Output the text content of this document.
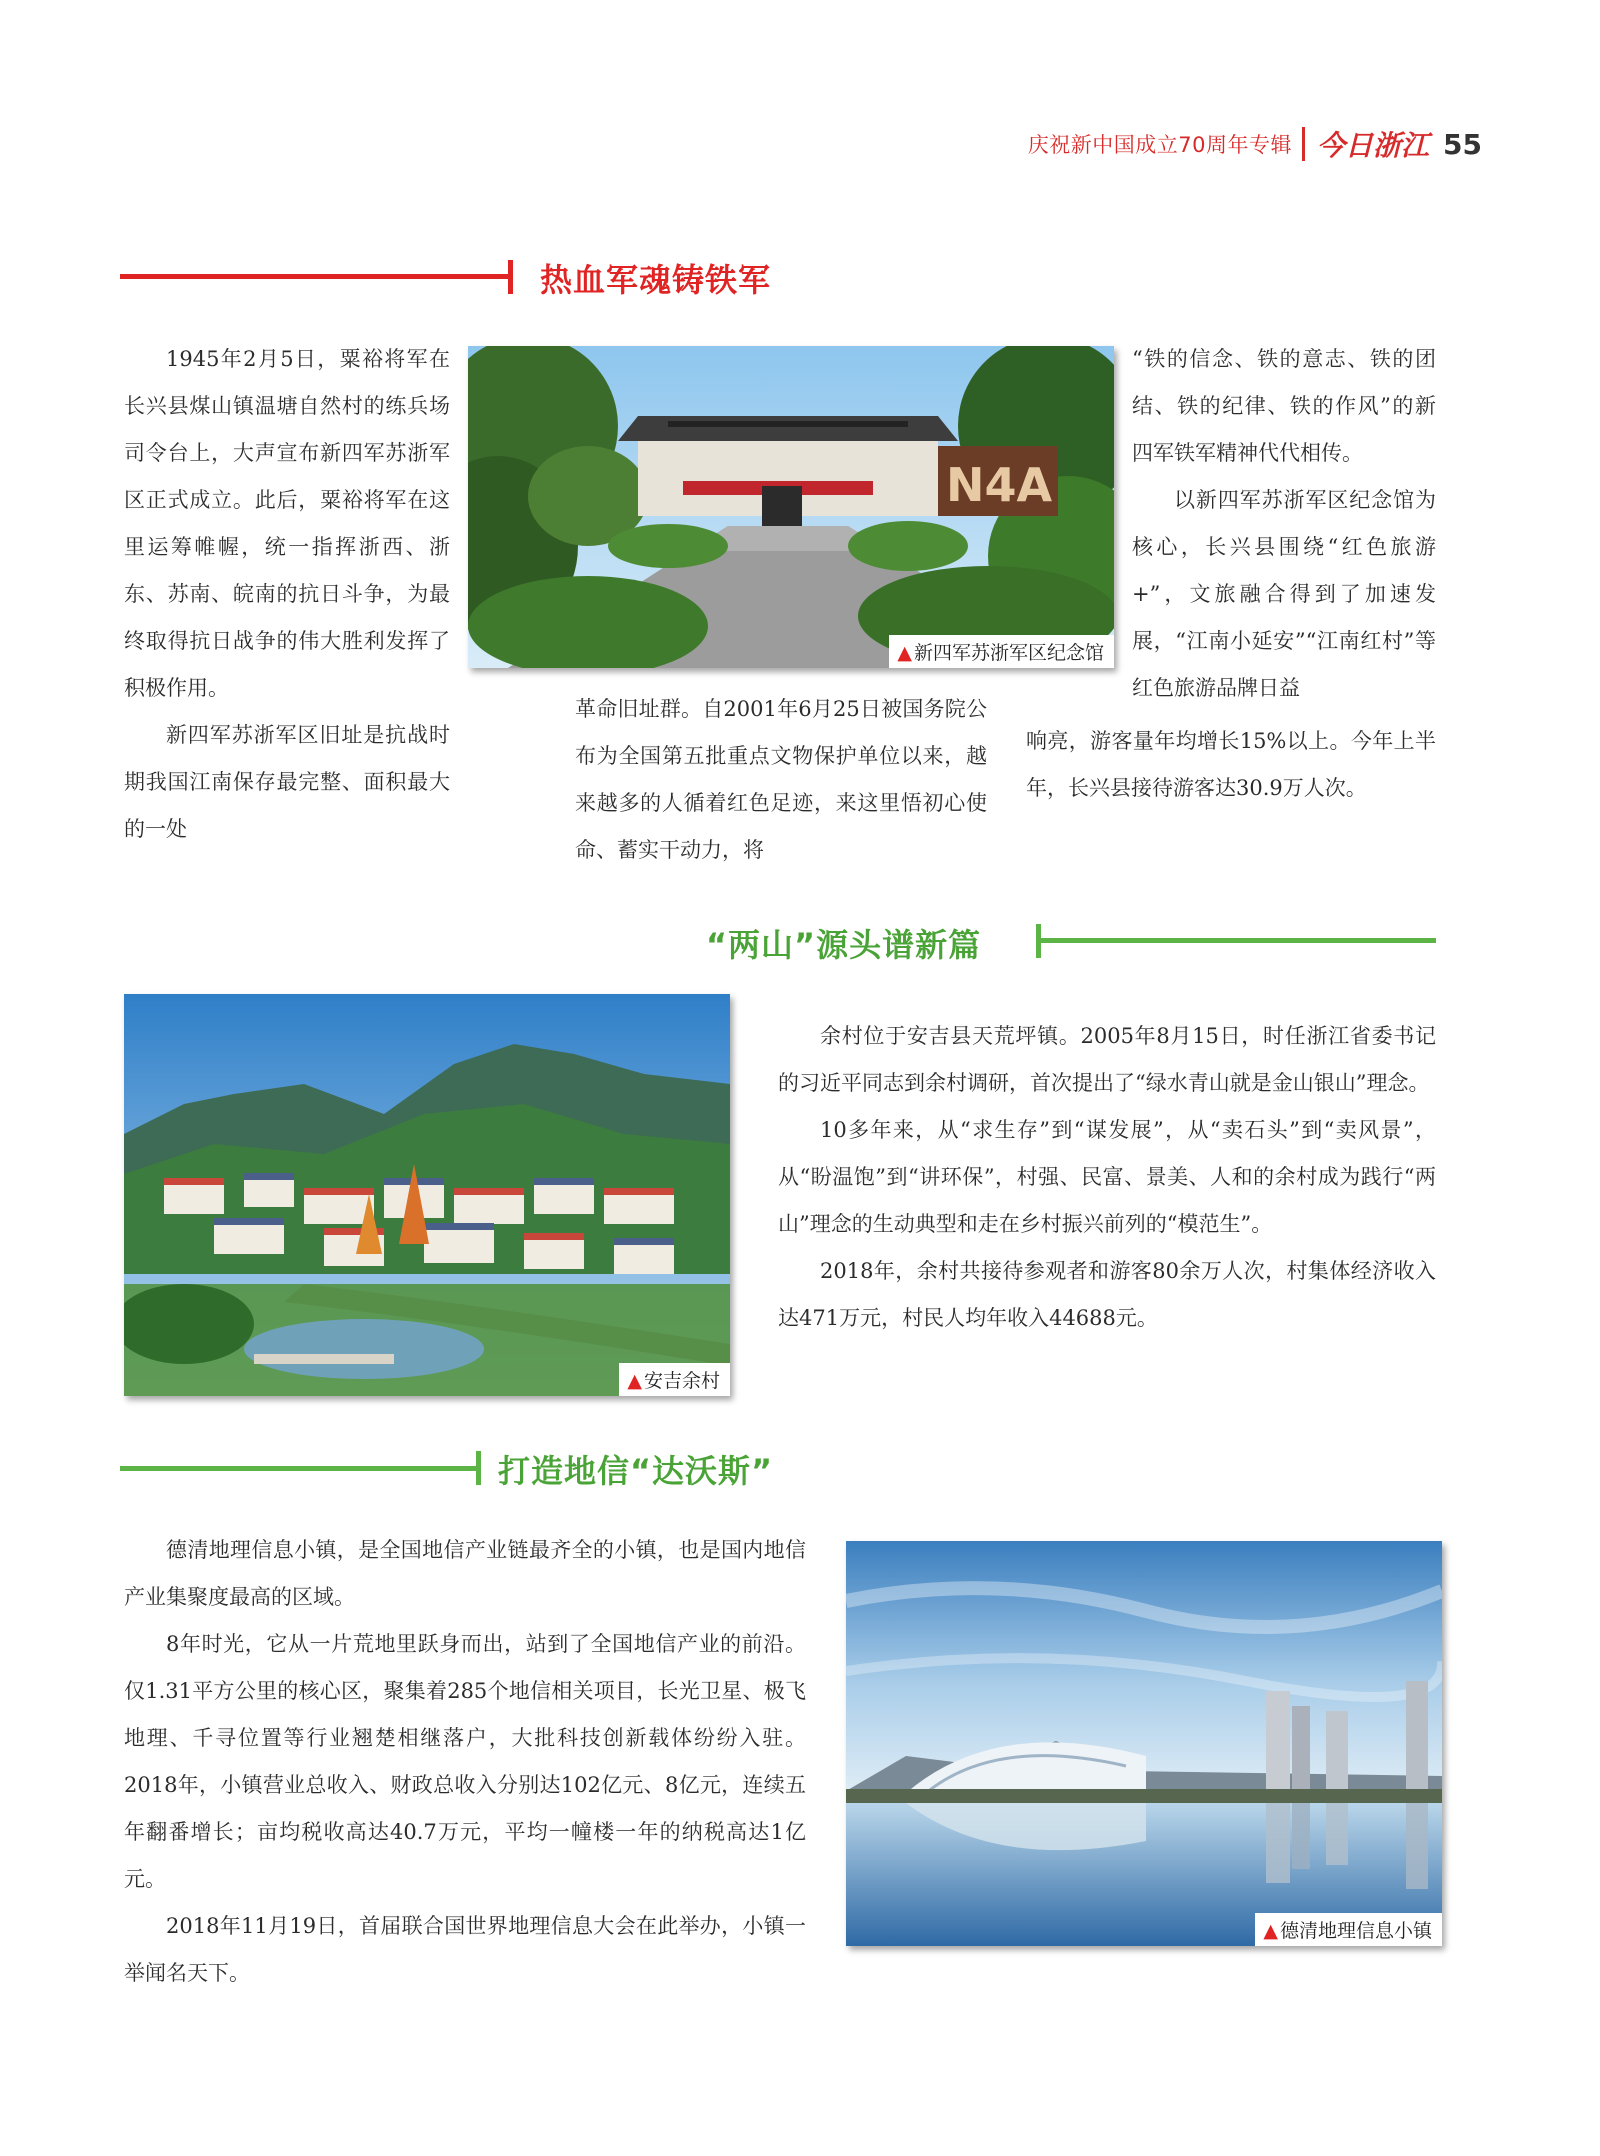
庆祝新中国成立70周年专辑 今日浙江 55
热血军魂铸铁军

1945年2月5日，粟裕将军在长兴县煤山镇温塘自然村的练兵场司令台上，大声宣布新四军苏浙军区正式成立。此后，粟裕将军在这里运筹帷幄，统一指挥浙西、浙东、苏南、皖南的抗日斗争，为最终取得抗日战争的伟大胜利发挥了积极作用。

新四军苏浙军区旧址是抗战时期我国江南保存最完整、面积最大的一处

N4A
▲ 新四军苏浙军区纪念馆

革命旧址群。自2001年6月25日被国务院公布为全国第五批重点文物保护单位以来，越来越多的人循着红色足迹，来这里悟初心使命、蓄实干动力，将

“铁的信念、铁的意志、铁的团结、铁的纪律、铁的作风”的新四军铁军精神代代相传。

以新四军苏浙军区纪念馆为核心，长兴县围绕“红色旅游+”，文旅融合得到了加速发展，“江南小延安”“江南红村”等红色旅游品牌日益

响亮，游客量年均增长15%以上。今年上半年，长兴县接待游客达30.9万人次。

“两山”源头谱新篇
▲ 安吉余村

余村位于安吉县天荒坪镇。2005年8月15日，时任浙江省委书记的习近平同志到余村调研，首次提出了“绿水青山就是金山银山”理念。

10多年来，从“求生存”到“谋发展”，从“卖石头”到“卖风景”，从“盼温饱”到“讲环保”，村强、民富、景美、人和的余村成为践行“两山”理念的生动典型和走在乡村振兴前列的“模范生”。

2018年，余村共接待参观者和游客80余万人次，村集体经济收入达471万元，村民人均年收入44688元。

打造地信“达沃斯”

德清地理信息小镇，是全国地信产业链最齐全的小镇，也是国内地信产业集聚度最高的区域。

8年时光，它从一片荒地里跃身而出，站到了全国地信产业的前沿。仅1.31平方公里的核心区，聚集着285个地信相关项目，长光卫星、极飞地理、千寻位置等行业翘楚相继落户，大批科技创新载体纷纷入驻。2018年，小镇营业总收入、财政总收入分别达102亿元、8亿元，连续五年翻番增长；亩均税收高达40.7万元，平均一幢楼一年的纳税高达1亿元。

2018年11月19日，首届联合国世界地理信息大会在此举办，小镇一举闻名天下。

▲ 德清地理信息小镇
